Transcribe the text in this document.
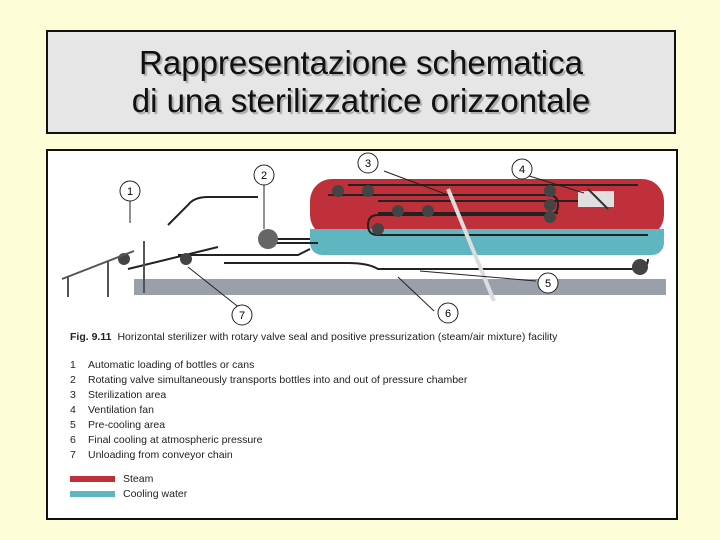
Rappresentazione schematica
di una sterilizzatrice orizzontale
1
2
3	4
5
6
7
Fig. 9.11 Horizontal sterilizer with rotary valve seal and positive pressurization (steam/air mixture) facility
1	Automatic loading of bottles or cans
2	Rotating valve simultaneously transports bottles into and out of pressure chamber
3	Sterilization area
4	Ventilation fan
5	Pre-cooling area
6	Final cooling at atmospheric pressure
7	Unloading from conveyor chain
Steam
Cooling water
